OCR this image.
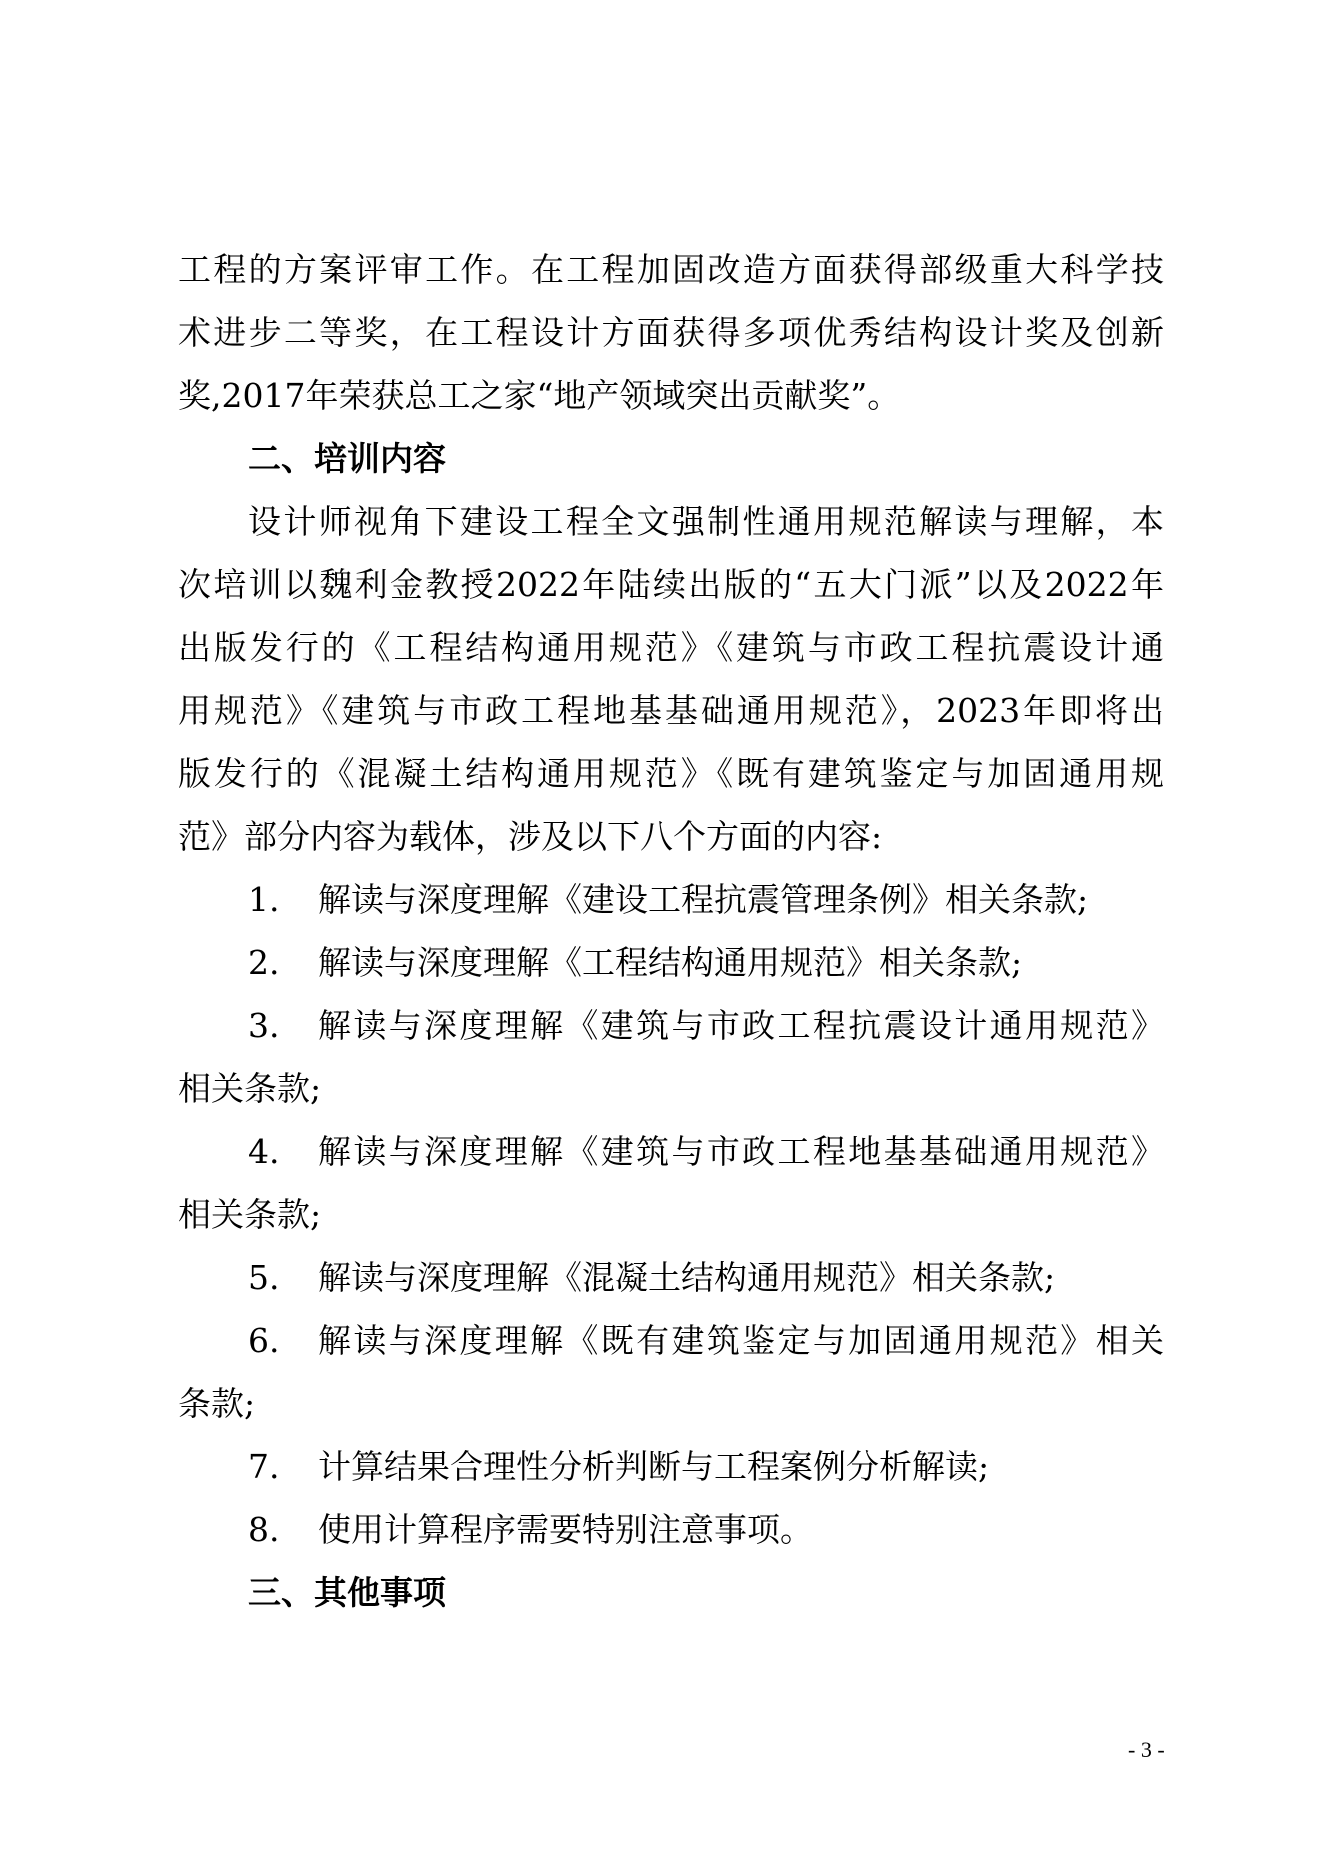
工程的方案评审工作。在工程加固改造方面获得部级重大科学技
术进步二等奖，在工程设计方面获得多项优秀结构设计奖及创新
奖,2017年荣获总工之家“地产领域突出贡献奖”。
二、培训内容
设计师视角下建设工程全文强制性通用规范解读与理解，本
次培训以魏利金教授2022年陆续出版的“五大门派”以及2022年
出版发行的《工程结构通用规范》《建筑与市政工程抗震设计通
用规范》《建筑与市政工程地基基础通用规范》，2023年即将出
版发行的《混凝土结构通用规范》《既有建筑鉴定与加固通用规
范》部分内容为载体，涉及以下八个方面的内容:
1. 解读与深度理解《建设工程抗震管理条例》相关条款;
2. 解读与深度理解《工程结构通用规范》相关条款;
3. 解读与深度理解《建筑与市政工程抗震设计通用规范》
相关条款;
4. 解读与深度理解《建筑与市政工程地基基础通用规范》
相关条款;
5. 解读与深度理解《混凝土结构通用规范》相关条款;
6. 解读与深度理解《既有建筑鉴定与加固通用规范》相关
条款;
7. 计算结果合理性分析判断与工程案例分析解读;
8. 使用计算程序需要特别注意事项。
三、其他事项
- 3 -
